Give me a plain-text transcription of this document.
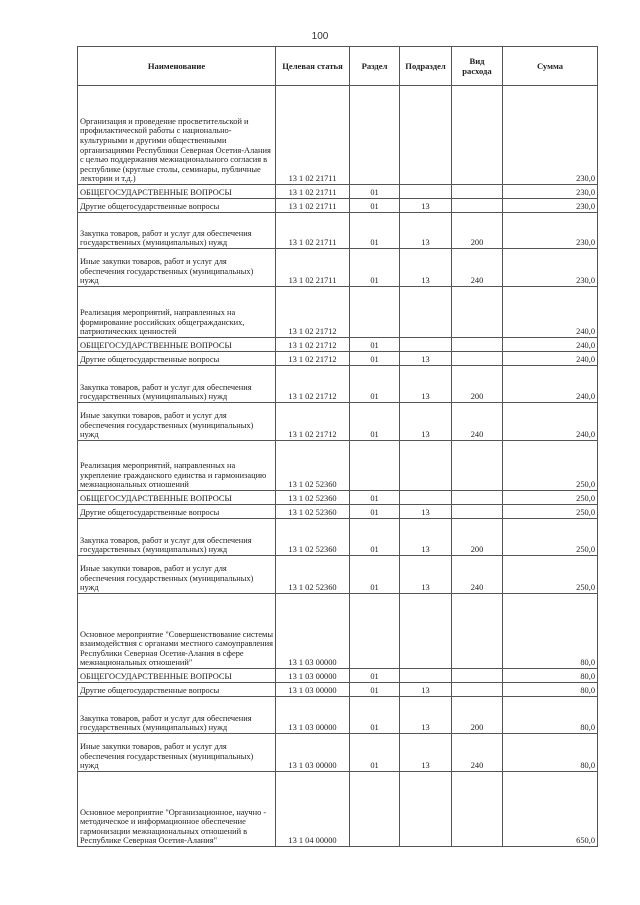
100
Наименование	Целевая статья	Раздел	Подраздел	Вид расхода	Сумма
Организация и проведение просветительской и профилактической работы с национально-культурными и другими общественными организациями Республики Северная Осетия-Алания с целью поддержания межнационального согласия в республике (круглые столы, семинары, публичные лектории и т.д.)	13 1 02 21711				230,0
ОБЩЕГОСУДАРСТВЕННЫЕ ВОПРОСЫ	13 1 02 21711	01			230,0
Другие общегосударственные вопросы	13 1 02 21711	01	13		230,0
Закупка товаров, работ и услуг для обеспечения государственных (муниципальных) нужд	13 1 02 21711	01	13	200	230,0
Иные закупки товаров, работ и услуг для обеспечения государственных (муниципальных) нужд	13 1 02 21711	01	13	240	230,0
Реализация мероприятий, направленных на формирование российских общегражданских, патриотических ценностей	13 1 02 21712				240,0
ОБЩЕГОСУДАРСТВЕННЫЕ ВОПРОСЫ	13 1 02 21712	01			240,0
Другие общегосударственные вопросы	13 1 02 21712	01	13		240,0
Закупка товаров, работ и услуг для обеспечения государственных (муниципальных) нужд	13 1 02 21712	01	13	200	240,0
Иные закупки товаров, работ и услуг для обеспечения государственных (муниципальных) нужд	13 1 02 21712	01	13	240	240,0
Реализация мероприятий, направленных на укрепление гражданского единства и гармонизацию межнациональных отношений	13 1 02 52360				250,0
ОБЩЕГОСУДАРСТВЕННЫЕ ВОПРОСЫ	13 1 02 52360	01			250,0
Другие общегосударственные вопросы	13 1 02 52360	01	13		250,0
Закупка товаров, работ и услуг для обеспечения государственных (муниципальных) нужд	13 1 02 52360	01	13	200	250,0
Иные закупки товаров, работ и услуг для обеспечения государственных (муниципальных) нужд	13 1 02 52360	01	13	240	250,0
Основное мероприятие "Совершенствование системы взаимодействия с органами местного самоуправления Республики Северная Осетия-Алания в сфере межнациональных отношений"	13 1 03 00000				80,0
ОБЩЕГОСУДАРСТВЕННЫЕ ВОПРОСЫ	13 1 03 00000	01			80,0
Другие общегосударственные вопросы	13 1 03 00000	01	13		80,0
Закупка товаров, работ и услуг для обеспечения государственных (муниципальных) нужд	13 1 03 00000	01	13	200	80,0
Иные закупки товаров, работ и услуг для обеспечения государственных (муниципальных) нужд	13 1 03 00000	01	13	240	80,0
Основное мероприятие "Организационное, научно - методическое и информационное обеспечение гармонизации межнациональных отношений в Республике Северная Осетия-Алания"	13 1 04 00000				650,0
